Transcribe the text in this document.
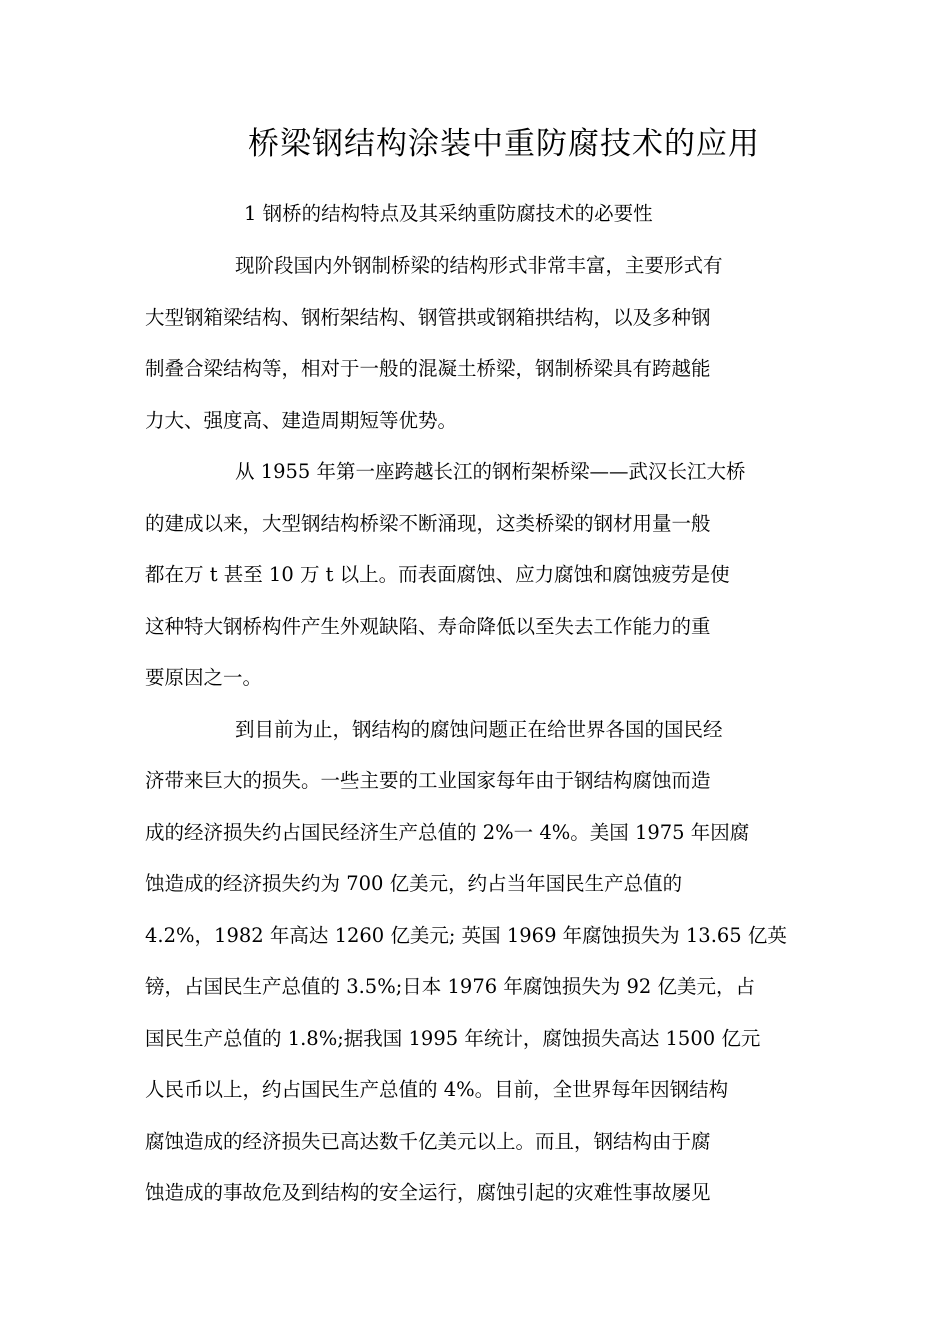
桥梁钢结构涂装中重防腐技术的应用
1 钢桥的结构特点及其采纳重防腐技术的必要性
现阶段国内外钢制桥梁的结构形式非常丰富，主要形式有
大型钢箱梁结构、钢桁架结构、钢管拱或钢箱拱结构，以及多种钢
制叠合梁结构等，相对于一般的混凝土桥梁，钢制桥梁具有跨越能
力大、强度高、建造周期短等优势。
从 1955 年第一座跨越长江的钢桁架桥梁——武汉长江大桥
的建成以来，大型钢结构桥梁不断涌现，这类桥梁的钢材用量一般
都在万 t 甚至 10 万 t 以上。而表面腐蚀、应力腐蚀和腐蚀疲劳是使
这种特大钢桥构件产生外观缺陷、寿命降低以至失去工作能力的重
要原因之一。
到目前为止，钢结构的腐蚀问题正在给世界各国的国民经
济带来巨大的损失。一些主要的工业国家每年由于钢结构腐蚀而造
成的经济损失约占国民经济生产总值的 2%一 4%。美国 1975 年因腐
蚀造成的经济损失约为 700 亿美元，约占当年国民生产总值的
4.2%，1982 年高达 1260 亿美元; 英国 1969 年腐蚀损失为 13.65 亿英
镑，占国民生产总值的 3.5%;日本 1976 年腐蚀损失为 92 亿美元，占
国民生产总值的 1.8%;据我国 1995 年统计，腐蚀损失高达 1500 亿元
人民币以上，约占国民生产总值的 4%。目前，全世界每年因钢结构
腐蚀造成的经济损失已高达数千亿美元以上。而且，钢结构由于腐
蚀造成的事故危及到结构的安全运行，腐蚀引起的灾难性事故屡见
